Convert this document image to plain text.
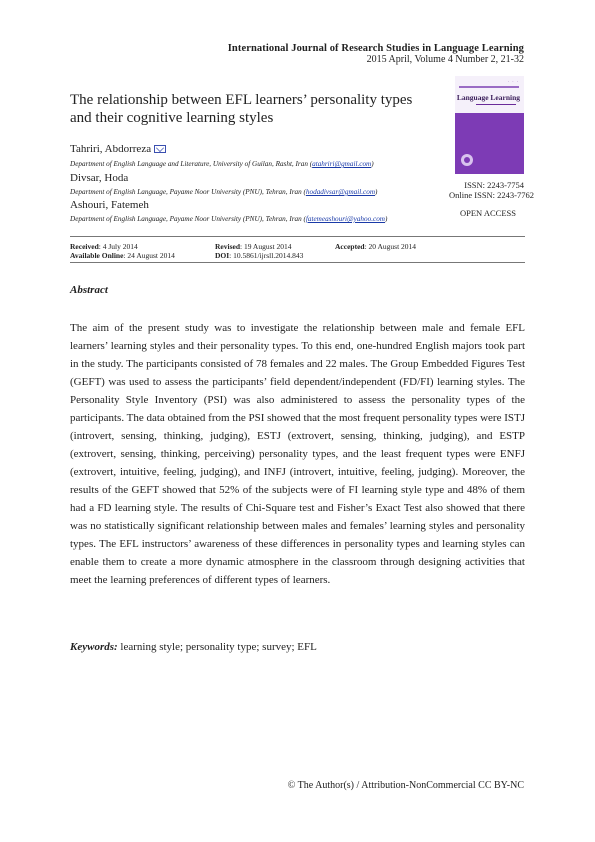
International Journal of Research Studies in Language Learning
2015 April, Volume 4 Number 2, 21-32
The relationship between EFL learners’ personality types and their cognitive learning styles
· · ·
Language Learning
ISSN: 2243-7754
Online ISSN: 2243-7762
OPEN ACCESS
Tahriri, Abdorreza
Department of English Language and Literature, University of Guilan, Rasht, Iran (atahriri@gmail.com)
Divsar, Hoda
Department of English Language, Payame Noor University (PNU), Tehran, Iran (hodadivsar@gmail.com)
Ashouri, Fatemeh
Department of English Language, Payame Noor University (PNU), Tehran, Iran (fatemeashouri@yahoo.com)
Received: 4 July 2014	Revised: 19 August 2014	Accepted: 20 August 2014
Available Online: 24 August 2014	DOI: 10.5861/ijrsll.2014.843
Abstract
The aim of the present study was to investigate the relationship between male and female EFL learners’ learning styles and their personality types. To this end, one-hundred English majors took part in the study. The participants consisted of 78 females and 22 males. The Group Embedded Figures Test (GEFT) was used to assess the participants’ field dependent/independent (FD/FI) learning styles. The Personality Style Inventory (PSI) was also administered to assess the personality types of the participants. The data obtained from the PSI showed that the most frequent personality types were ISTJ (introvert, sensing, thinking, judging), ESTJ (extrovert, sensing, thinking, judging), and ESTP (extrovert, sensing, thinking, perceiving) personality types, and the least frequent types were ENFJ (extrovert, intuitive, feeling, judging), and INFJ (introvert, intuitive, feeling, judging). Moreover, the results of the GEFT showed that 52% of the subjects were of FI learning style type and 48% of them had a FD learning style. The results of Chi-Square test and Fisher’s Exact Test also showed that there was no statistically significant relationship between males and females’ learning styles and personality types. The EFL instructors’ awareness of these differences in personality types and learning styles can enable them to create a more dynamic atmosphere in the classroom through designing activities that meet the learning preferences of different types of learners.
Keywords: learning style; personality type; survey; EFL
© The Author(s) / Attribution-NonCommercial CC BY-NC
